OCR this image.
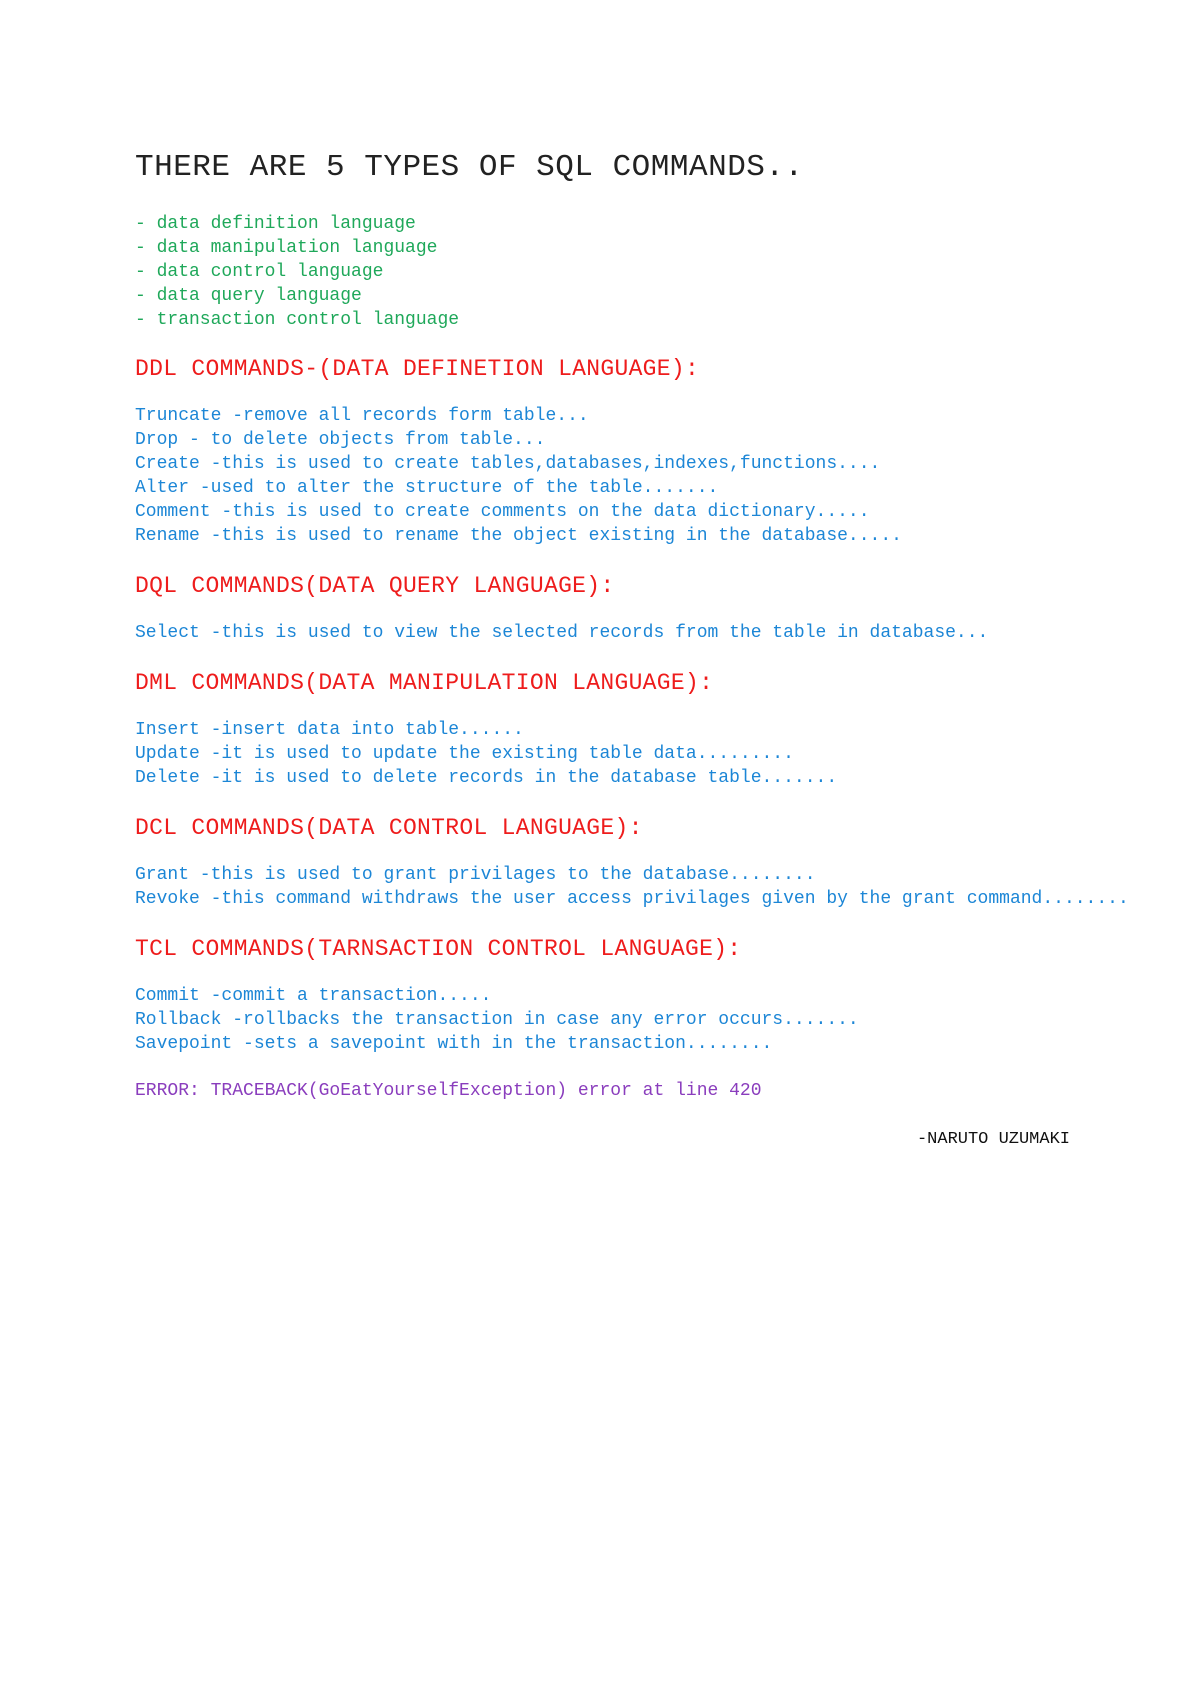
THERE ARE 5 TYPES OF SQL COMMANDS..
- data definition language
- data manipulation language
- data control language
- data query language
- transaction control language
DDL COMMANDS-(DATA DEFINETION LANGUAGE):
Truncate -remove all records form table...
Drop - to delete objects from table...
Create -this is used to create tables,databases,indexes,functions....
Alter -used to alter the structure of the table.......
Comment -this is used to create comments on the data dictionary.....
Rename -this is used to rename the object existing in the database.....
DQL COMMANDS(DATA QUERY LANGUAGE):
Select -this is used to view the selected records from the table in database...
DML COMMANDS(DATA MANIPULATION LANGUAGE):
Insert -insert data into table......
Update -it is used to update the existing table data.........
Delete -it is used to delete records in the database table.......
DCL COMMANDS(DATA CONTROL LANGUAGE):
Grant -this is used to grant privilages to the database........
Revoke -this command withdraws the user access privilages given by the grant command........
TCL COMMANDS(TARNSACTION CONTROL LANGUAGE):
Commit -commit a transaction.....
Rollback -rollbacks the transaction in case any error occurs.......
Savepoint -sets a savepoint with in the transaction........
ERROR: TRACEBACK(GoEatYourselfException) error at line 420
-NARUTO UZUMAKI
